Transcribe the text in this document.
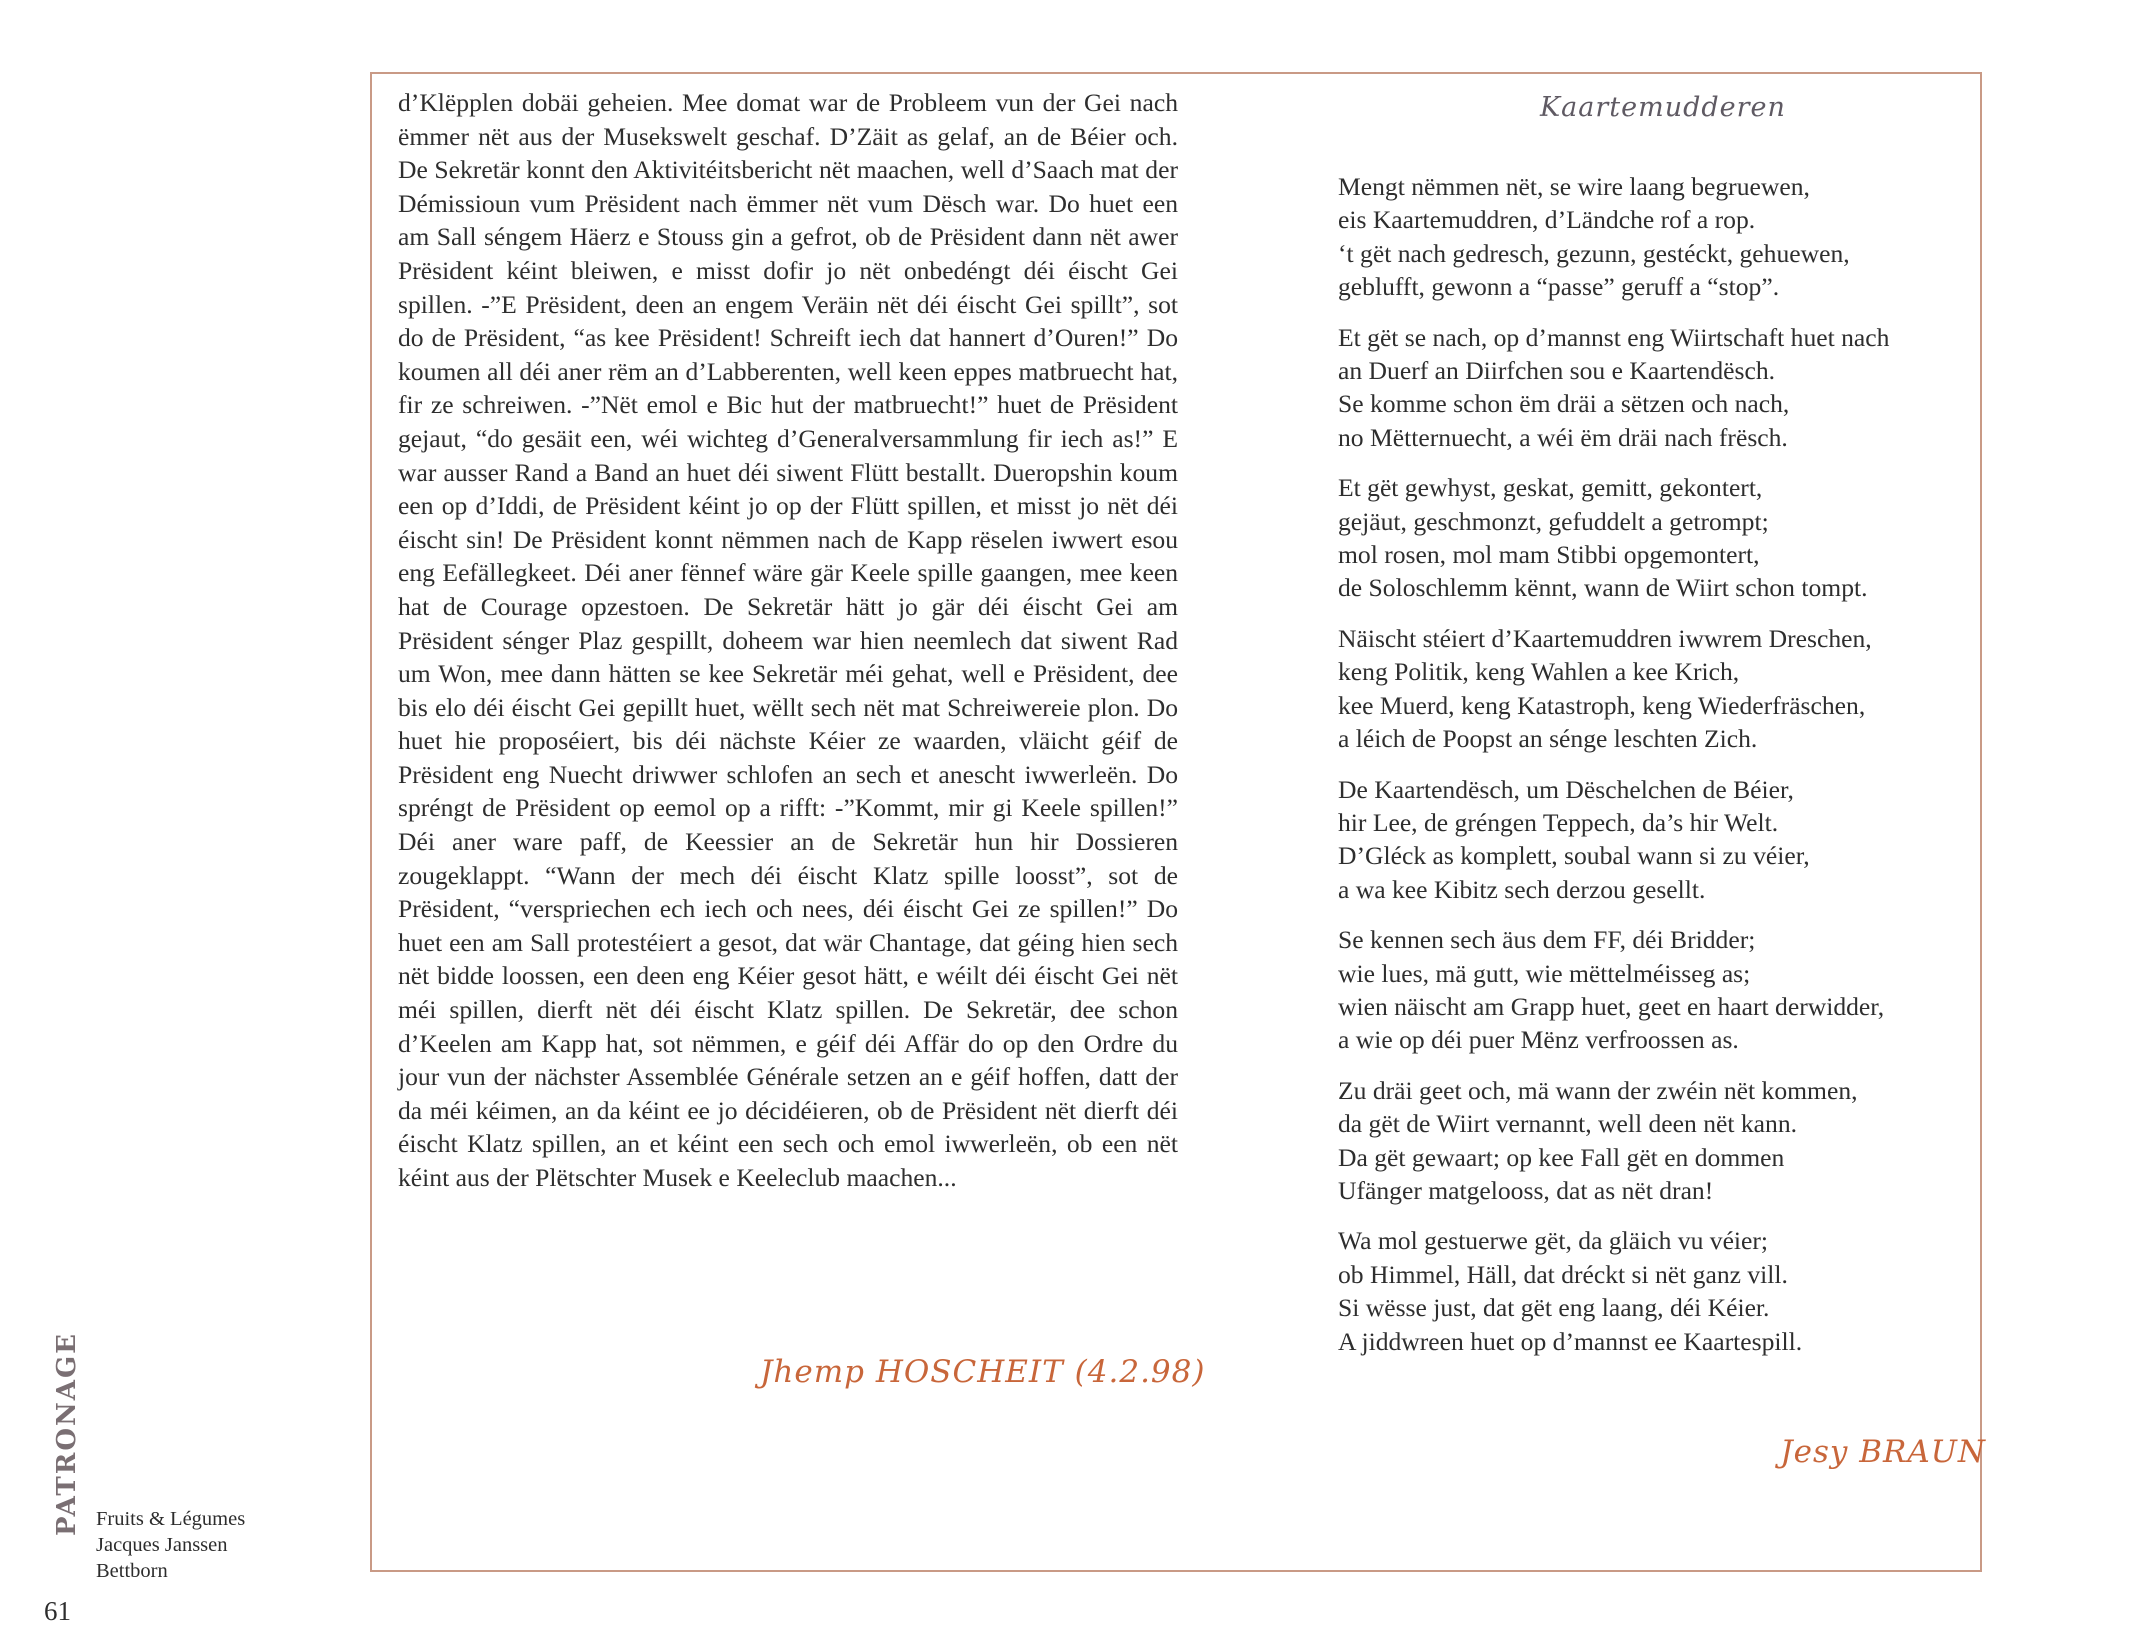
d’Klëpplen dobäi geheien. Mee domat war de Probleem vun der Gei nach ëmmer nët aus der Musekswelt geschaf. D’Zäit as gelaf, an de Béier och. De Sekretär konnt den Aktivitéitsbericht nët maachen, well d’Saach mat der Démissioun vum Prësident nach ëmmer nët vum Dësch war. Do huet een am Sall séngem Häerz e Stouss gin a gefrot, ob de Prësident dann nët awer Prësident kéint bleiwen, e misst dofir jo nët onbedéngt déi éischt Gei spillen. -”E Prësident, deen an engem Veräin nët déi éischt Gei spillt”, sot do de Prësident, “as kee Prësident! Schreift iech dat hannert d’Ouren!” Do koumen all déi aner rëm an d’Labberenten, well keen eppes matbruecht hat, fir ze schreiwen. -”Nët emol e Bic hut der matbruecht!” huet de Prësident gejaut, “do gesäit een, wéi wichteg d’Generalversammlung fir iech as!” E war ausser Rand a Band an huet déi siwent Flütt bestallt. Dueropshin koum een op d’Iddi, de Prësident kéint jo op der Flütt spillen, et misst jo nët déi éischt sin! De Prësident konnt nëmmen nach de Kapp rëselen iwwert esou eng Eefällegkeet. Déi aner fënnef wäre gär Keele spille gaangen, mee keen hat de Courage opzestoen. De Sekretär hätt jo gär déi éischt Gei am Prësident sénger Plaz gespillt, doheem war hien neemlech dat siwent Rad um Won, mee dann hätten se kee Sekretär méi gehat, well e Prësident, dee bis elo déi éischt Gei gepillt huet, wëllt sech nët mat Schreiwereie plon. Do huet hie proposéiert, bis déi nächste Kéier ze waarden, vläicht géif de Prësident eng Nuecht driwwer schlofen an sech et anescht iwwerleën. Do spréngt de Prësident op eemol op a rifft: -”Kommt, mir gi Keele spillen!” Déi aner ware paff, de Keessier an de Sekretär hun hir Dossieren zougeklappt. “Wann der mech déi éischt Klatz spille loosst”, sot de Prësident, “verspriechen ech iech och nees, déi éischt Gei ze spillen!” Do huet een am Sall protestéiert a gesot, dat wär Chantage, dat géing hien sech nët bidde loossen, een deen eng Kéier gesot hätt, e wéilt déi éischt Gei nët méi spillen, dierft nët déi éischt Klatz spillen. De Sekretär, dee schon d’Keelen am Kapp hat, sot nëmmen, e géif déi Affär do op den Ordre du jour vun der nächster Assemblée Générale setzen an e géif hoffen, datt der da méi kéimen, an da kéint ee jo décidéieren, ob de Prësident nët dierft déi éischt Klatz spillen, an et kéint een sech och emol iwwerleën, ob een nët kéint aus der Plëtschter Musek e Keeleclub maachen...

Jhemp HOSCHEIT (4.2.98)
Kaartemudderen
Mengt nëmmen nët, se wire laang begruewen,
eis Kaartemuddren, d’Ländche rof a rop.
‘t gët nach gedresch, gezunn, gestéckt, gehuewen,
geblufft, gewonn a “passe” geruff a “stop”.
Et gët se nach, op d’mannst eng Wiirtschaft huet nach
an Duerf an Diirfchen sou e Kaartendësch.
Se komme schon ëm dräi a sëtzen och nach,
no Mëtternuecht, a wéi ëm dräi nach frësch.
Et gët gewhyst, geskat, gemitt, gekontert,
gejäut, geschmonzt, gefuddelt a getrompt;
mol rosen, mol mam Stibbi opgemontert,
de Soloschlemm kënnt, wann de Wiirt schon tompt.
Näischt stéiert d’Kaartemuddren iwwrem Dreschen,
keng Politik, keng Wahlen a kee Krich,
kee Muerd, keng Katastroph, keng Wiederfräschen,
a léich de Poopst an sénge leschten Zich.
De Kaartendësch, um Dëschelchen de Béier,
hir Lee, de gréngen Teppech, da’s hir Welt.
D’Gléck as komplett, soubal wann si zu véier,
a wa kee Kibitz sech derzou gesellt.
Se kennen sech äus dem FF, déi Bridder;
wie lues, mä gutt, wie mëttelméisseg as;
wien näischt am Grapp huet, geet en haart derwidder,
a wie op déi puer Mënz verfroossen as.
Zu dräi geet och, mä wann der zwéin nët kommen,
da gët de Wiirt vernannt, well deen nët kann.
Da gët gewaart; op kee Fall gët en dommen
Ufänger matgelooss, dat as nët dran!
Wa mol gestuerwe gët, da gläich vu véier;
ob Himmel, Häll, dat dréckt si nët ganz vill.
Si wësse just, dat gët eng laang, déi Kéier.
A jiddwreen huet op d’mannst ee Kaartespill.
Jesy BRAUN
PATRONAGE Fruits & Légumes
Jacques Janssen
Bettborn
61
